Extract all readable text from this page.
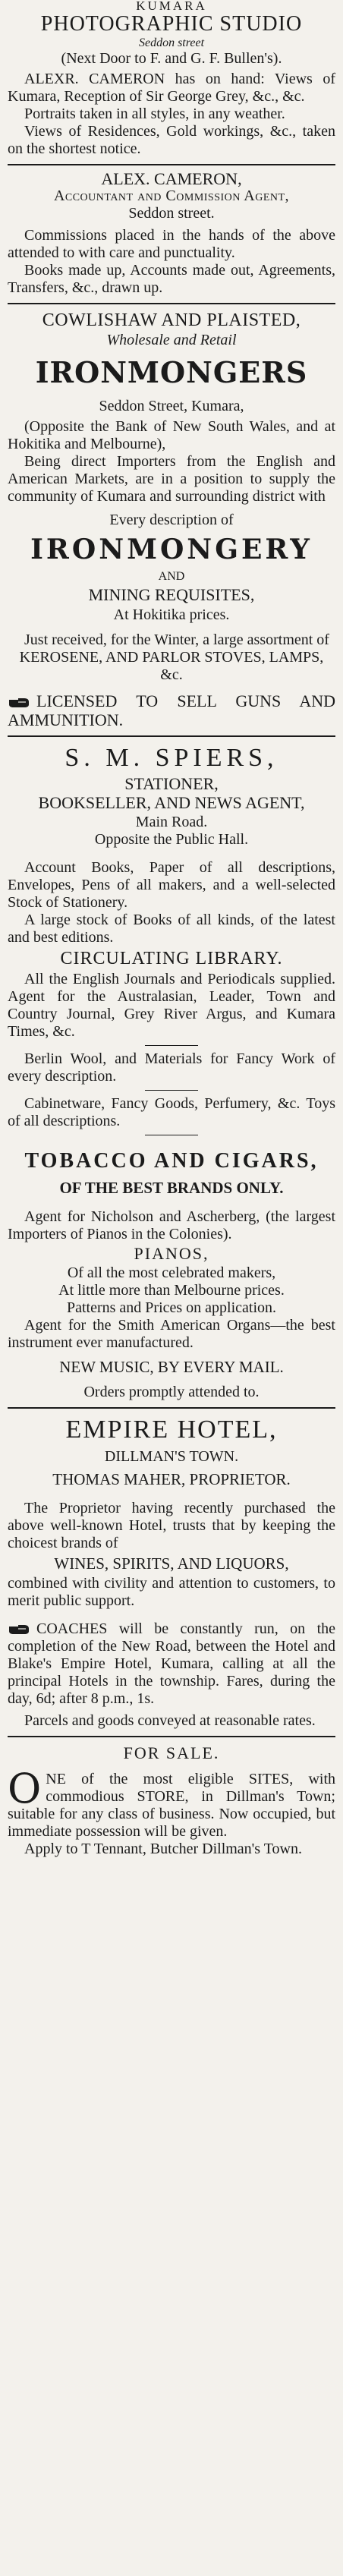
KUMARA

PHOTOGRAPHIC STUDIO

Seddon street

(Next Door to F. and G. F. Bullen's).

ALEXR. CAMERON has on hand: Views of Kumara, Reception of Sir George Grey, &c., &c.

Portraits taken in all styles, in any weather.

Views of Residences, Gold workings, &c., taken on the shortest notice.

ALEX. CAMERON,

Accountant and Commission Agent,

Seddon street.

Commissions placed in the hands of the above attended to with care and punctuality.

Books made up, Accounts made out, Agreements, Transfers, &c., drawn up.

COWLISHAW AND PLAISTED,

Wholesale and Retail

IRONMONGERS

Seddon Street, Kumara,

(Opposite the Bank of New South Wales, and at Hokitika and Melbourne),

Being direct Importers from the English and American Markets, are in a position to supply the community of Kumara and surrounding district with

Every description of

IRONMONGERY

AND

MINING REQUISITES,

At Hokitika prices.

Just received, for the Winter, a large assortment of

KEROSENE, AND PARLOR STOVES, LAMPS, &c.

LICENSED TO SELL GUNS AND AMMUNITION.

S. M. SPIERS,

STATIONER,

BOOKSELLER, AND NEWS AGENT,

Main Road.

Opposite the Public Hall.

Account Books, Paper of all descriptions, Envelopes, Pens of all makers, and a well-selected Stock of Stationery.

A large stock of Books of all kinds, of the latest and best editions.

CIRCULATING LIBRARY.

All the English Journals and Periodicals supplied. Agent for the Australasian, Leader, Town and Country Journal, Grey River Argus, and Kumara Times, &c.

Berlin Wool, and Materials for Fancy Work of every description.

Cabinetware, Fancy Goods, Perfumery, &c. Toys of all descriptions.

TOBACCO AND CIGARS,

OF THE BEST BRANDS ONLY.

Agent for Nicholson and Ascherberg, (the largest Importers of Pianos in the Colonies).

PIANOS,

Of all the most celebrated makers,

At little more than Melbourne prices.

Patterns and Prices on application.

Agent for the Smith American Organs—the best instrument ever manufactured.

NEW MUSIC, BY EVERY MAIL.

Orders promptly attended to.

EMPIRE HOTEL,

DILLMAN'S TOWN.

THOMAS MAHER, PROPRIETOR.

The Proprietor having recently purchased the above well-known Hotel, trusts that by keeping the choicest brands of

WINES, SPIRITS, AND LIQUORS,

combined with civility and attention to customers, to merit public support.

COACHES will be constantly run, on the completion of the New Road, between the Hotel and Blake's Empire Hotel, Kumara, calling at all the principal Hotels in the township. Fares, during the day, 6d; after 8 p.m., 1s.

Parcels and goods conveyed at reasonable rates.

FOR SALE.

ONE of the most eligible SITES, with commodious STORE, in Dillman's Town; suitable for any class of business. Now occupied, but immediate possession will be given.

Apply to T Tennant, Butcher Dillman's Town.
